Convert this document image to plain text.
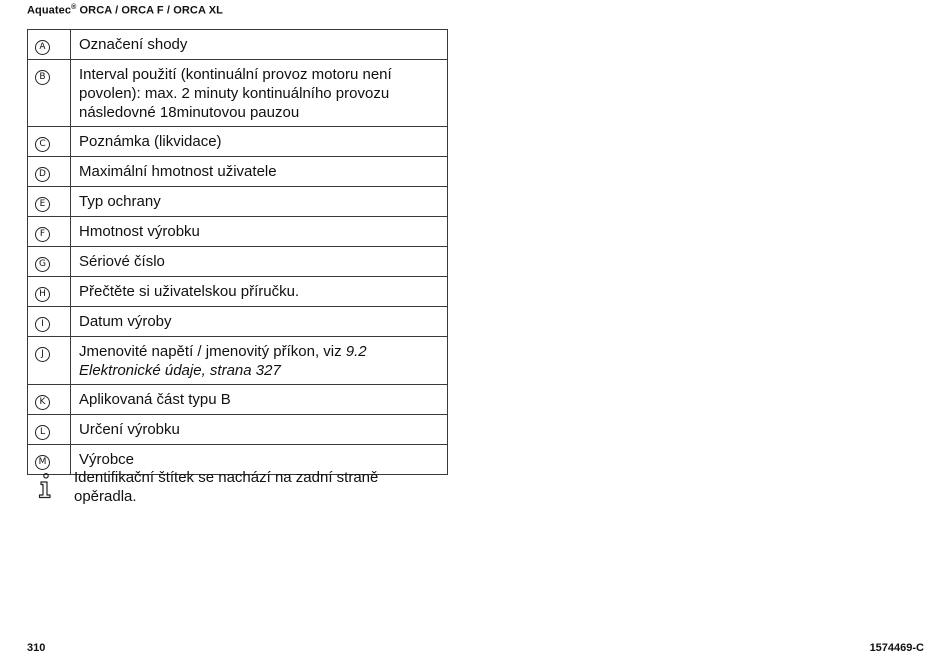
Aquatec® ORCA / ORCA F / ORCA XL
A	Označení shody
B	Interval použití (kontinuální provoz motoru není povolen): max. 2 minuty kontinuálního provozu následovné 18minutovou pauzou
C	Poznámka (likvidace)
D	Maximální hmotnost uživatele
E	Typ ochrany
F	Hmotnost výrobku
G	Sériové číslo
H	Přečtěte si uživatelskou příručku.
I	Datum výroby
J	Jmenovité napětí / jmenovitý příkon, viz 9.2 Elektronické údaje, strana 327
K	Aplikovaná část typu B
L	Určení výrobku
M	Výrobce
Identifikační štítek se nachází na zadní straně opěradla.
310	1574469-C
